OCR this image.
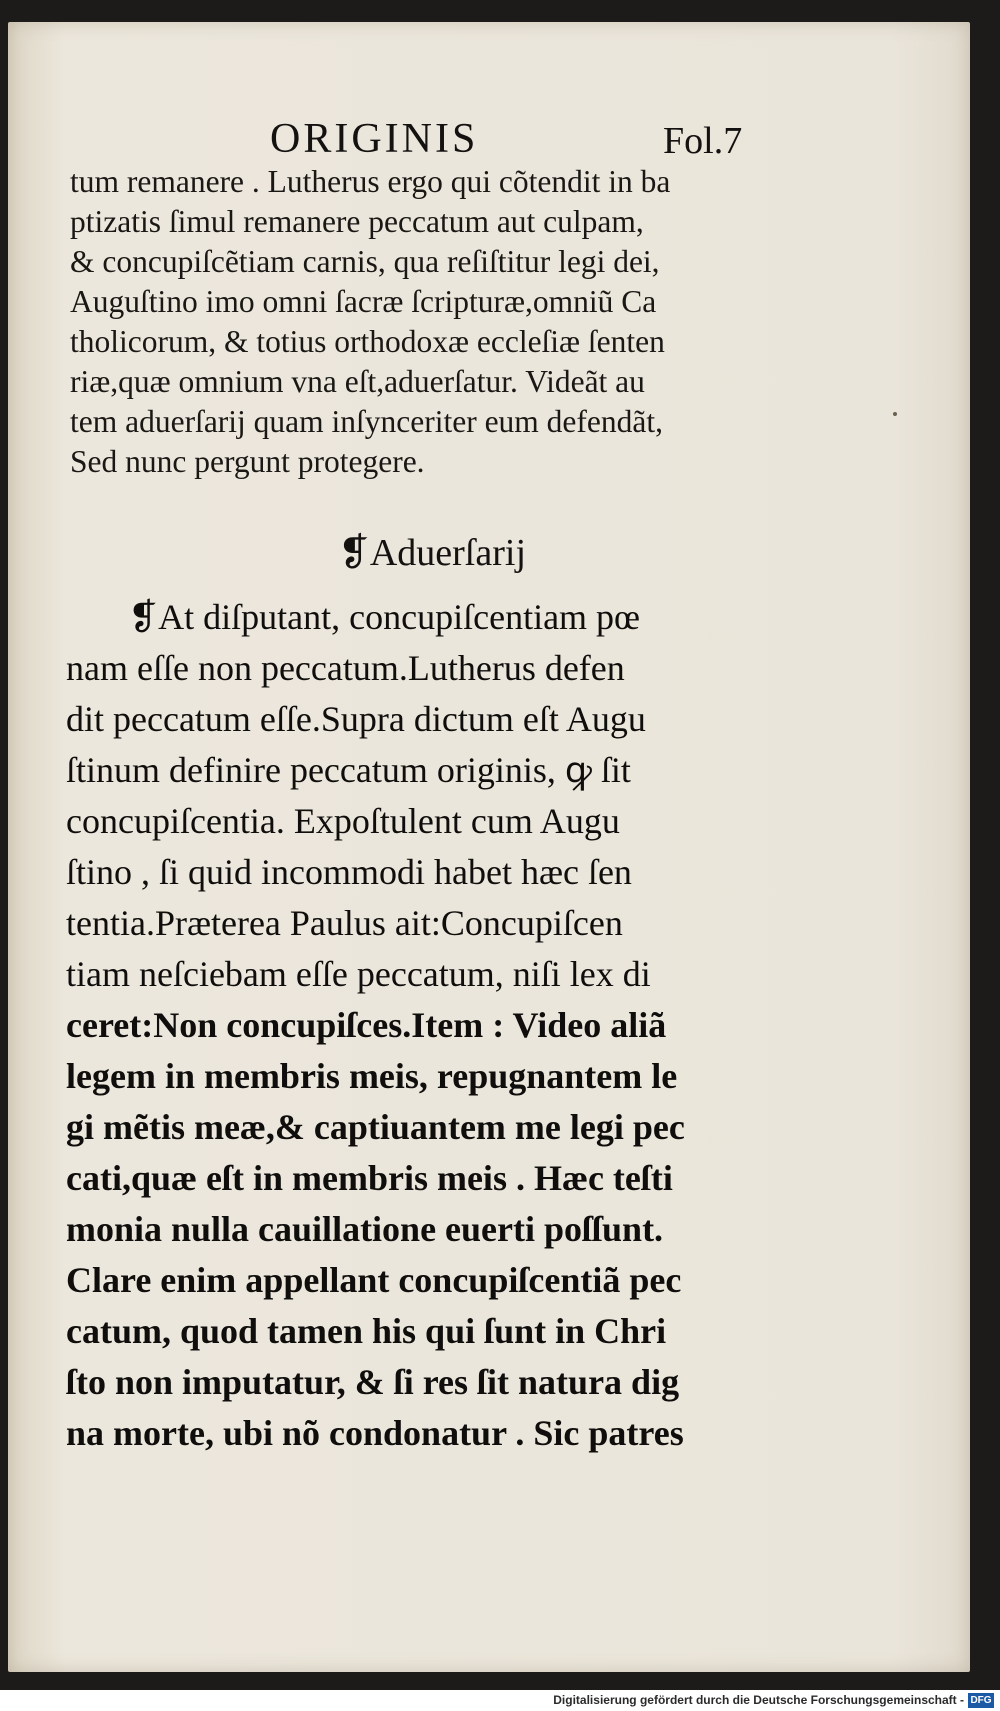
ORIGINIS	Fol.7
tum remanere . Lutherus ergo qui cõtendit in ba
ptizatis ſimul remanere peccatum aut culpam,
& concupiſcẽtiam carnis, qua reſiſtitur legi dei,
Auguſtino imo omni ſacræ ſcripturæ,omniũ Ca
tholicorum, & totius orthodoxæ eccleſiæ ſenten
riæ,quæ omnium vna eſt,aduerſatur. Videãt au
tem aduerſarij quam inſynceriter eum defendãt,
Sed nunc pergunt protegere.
❡Aduerſarij
❡At diſputant, concupiſcentiam pœ
nam eſſe non peccatum.Lutherus defen
dit peccatum eſſe.Supra dictum eſt Augu
ſtinum definire peccatum originis, ꝙ ſit
concupiſcentia. Expoſtulent cum Augu
ſtino , ſi quid incommodi habet hæc ſen
tentia.Præterea Paulus ait:Concupiſcen
tiam neſciebam eſſe peccatum, niſi lex di
ceret:Non concupiſces.Item : Video aliã
legem in membris meis, repugnantem le
gi mẽtis meæ,& captiuantem me legi pec
cati,quæ eſt in membris meis . Hæc teſti
monia nulla cauillatione euerti poſſunt.
Clare enim appellant concupiſcentiã pec
catum, quod tamen his qui ſunt in Chri
ſto non imputatur, & ſi res ſit natura dig
na morte, ubi nõ condonatur . Sic patres
Digitalisierung gefördert durch die Deutsche Forschungsgemeinschaft - DFG
